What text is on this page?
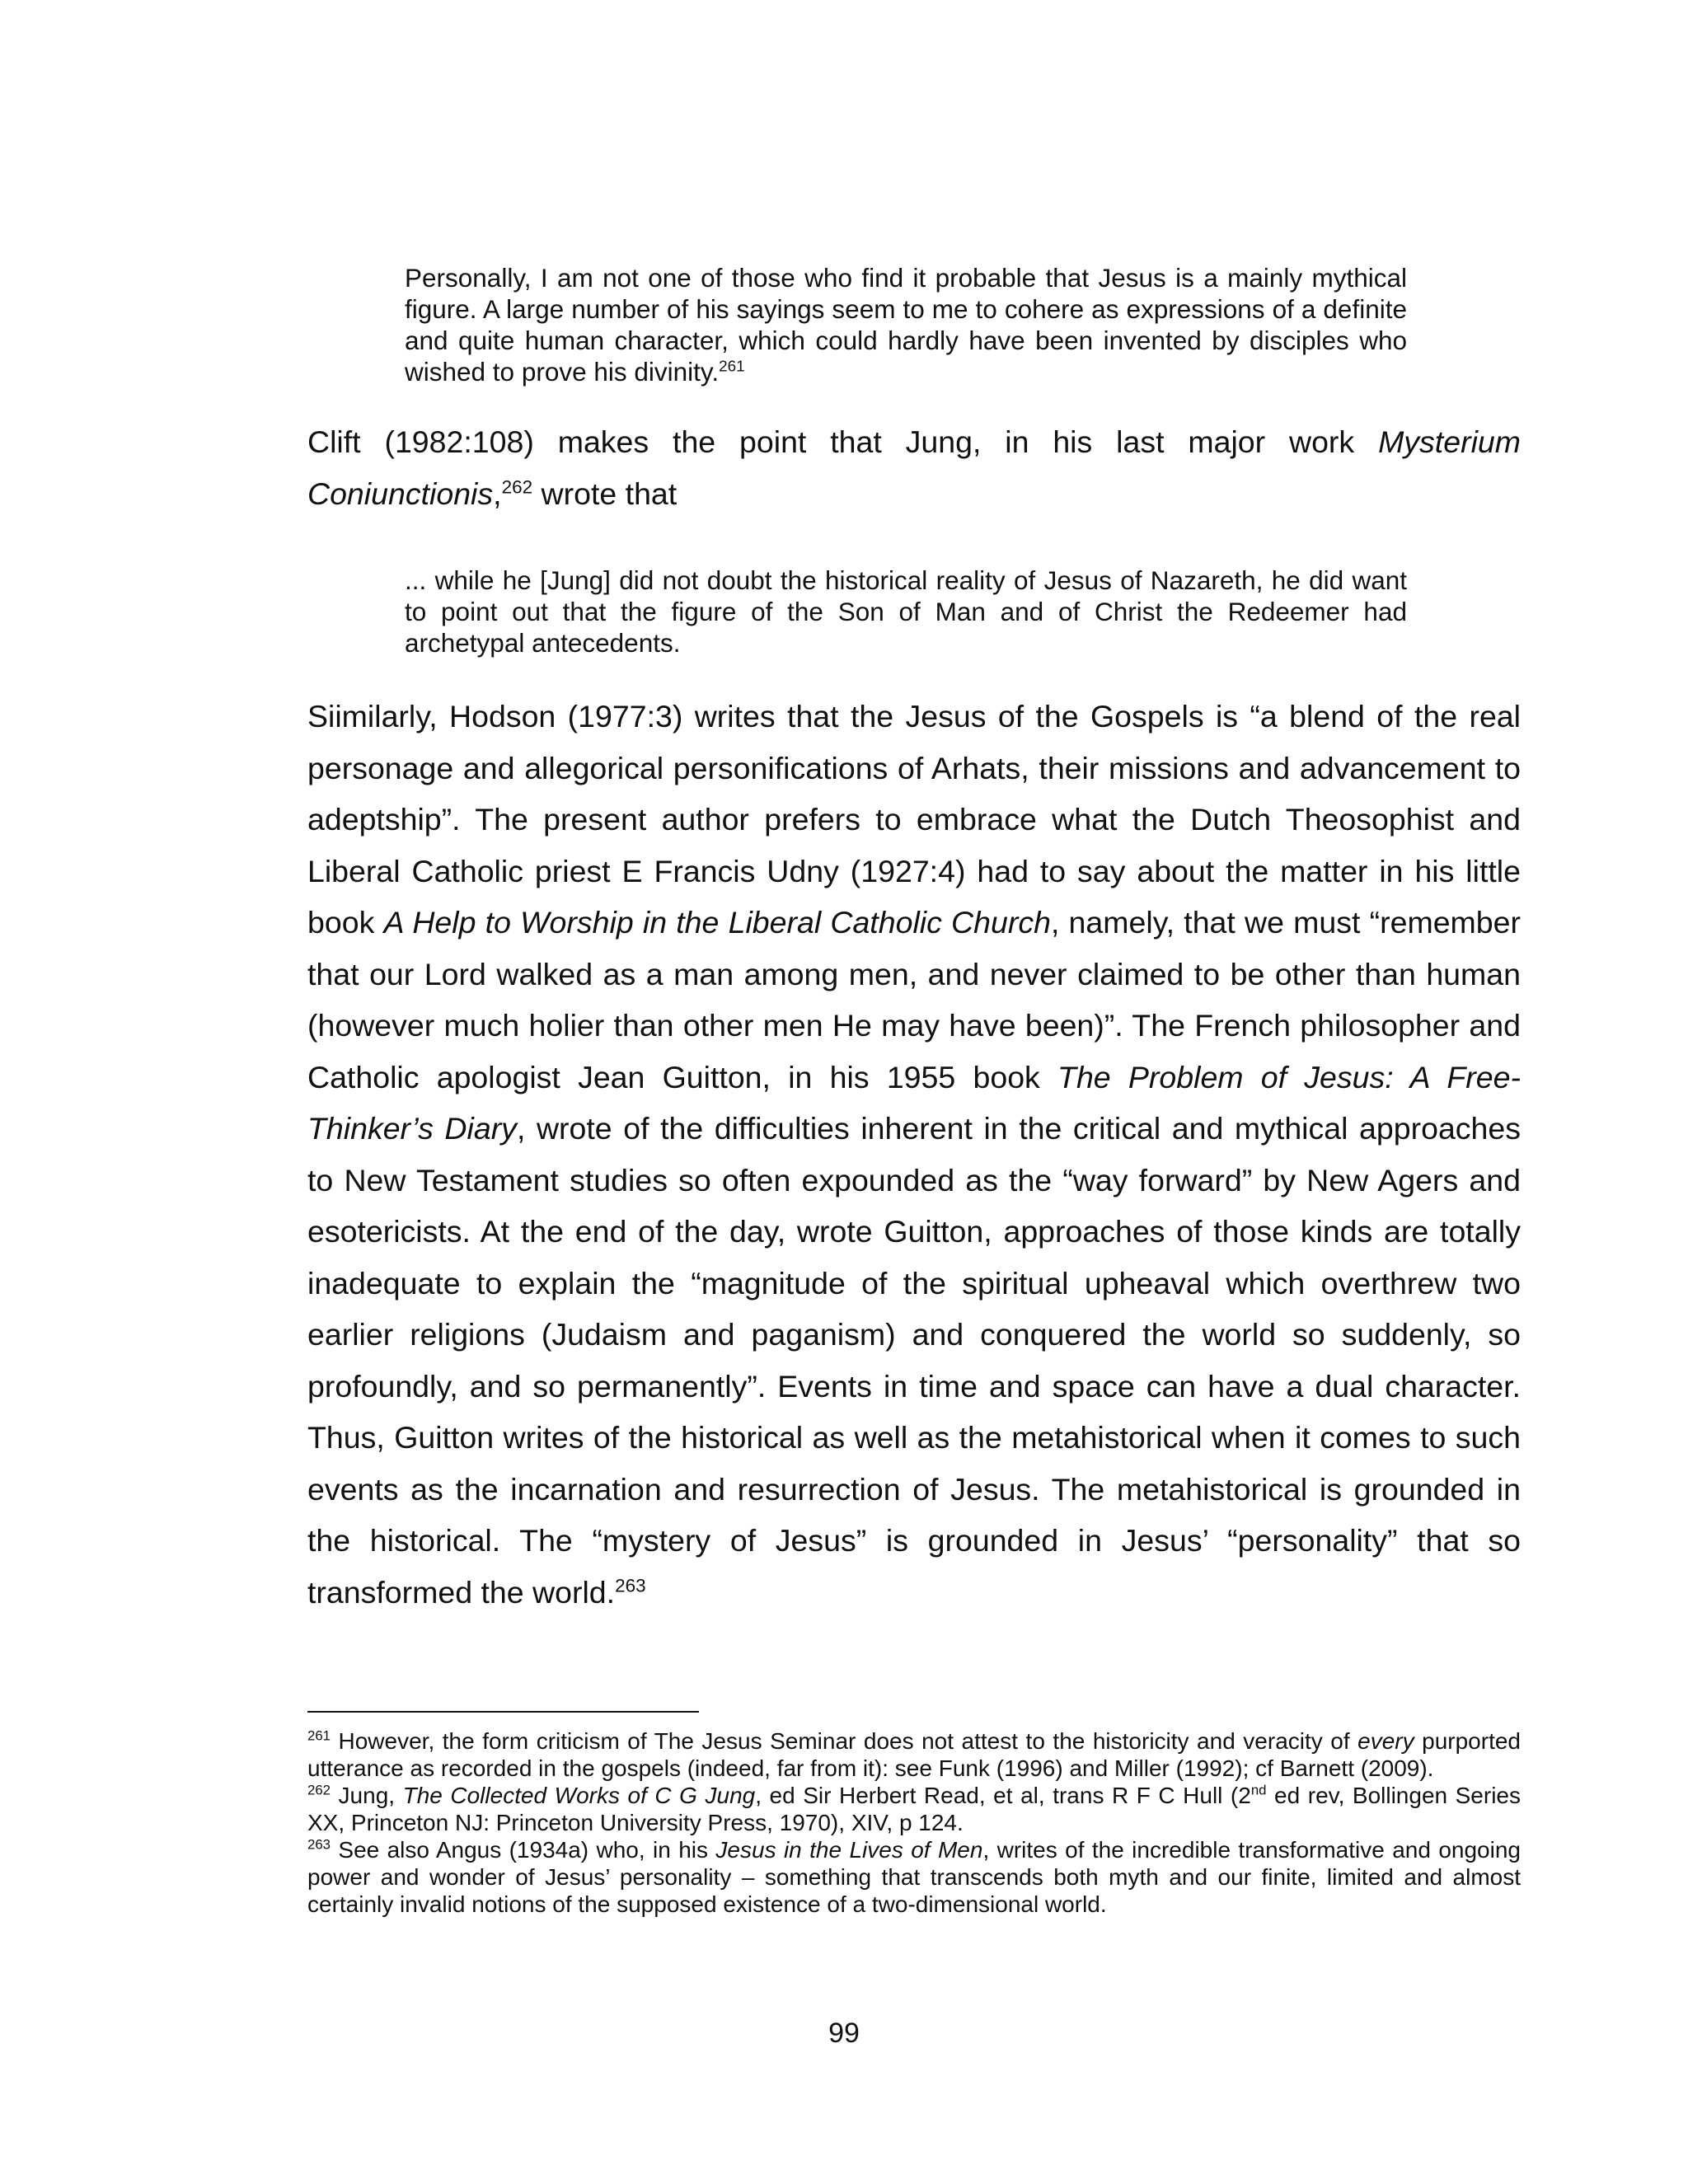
Personally, I am not one of those who find it probable that Jesus is a mainly mythical figure. A large number of his sayings seem to me to cohere as expressions of a definite and quite human character, which could hardly have been invented by disciples who wished to prove his divinity.$^{261}$

Clift (1982:108) makes the point that Jung, in his last major work Mysterium Coniunctionis,$^{262}$ wrote that

... while he [Jung] did not doubt the historical reality of Jesus of Nazareth, he did want to point out that the figure of the Son of Man and of Christ the Redeemer had archetypal antecedents.

Siimilarly, Hodson (1977:3) writes that the Jesus of the Gospels is “a blend of the real personage and allegorical personifications of Arhats, their missions and advancement to adeptship”. The present author prefers to embrace what the Dutch Theosophist and Liberal Catholic priest E Francis Udny (1927:4) had to say about the matter in his little book A Help to Worship in the Liberal Catholic Church, namely, that we must “remember that our Lord walked as a man among men, and never claimed to be other than human (however much holier than other men He may have been)”. The French philosopher and Catholic apologist Jean Guitton, in his 1955 book The Problem of Jesus: A Free-Thinker’s Diary, wrote of the difficulties inherent in the critical and mythical approaches to New Testament studies so often expounded as the “way forward” by New Agers and esotericists. At the end of the day, wrote Guitton, approaches of those kinds are totally inadequate to explain the “magnitude of the spiritual upheaval which overthrew two earlier religions (Judaism and paganism) and conquered the world so suddenly, so profoundly, and so permanently”. Events in time and space can have a dual character. Thus, Guitton writes of the historical as well as the metahistorical when it comes to such events as the incarnation and resurrection of Jesus. The metahistorical is grounded in the historical. The “mystery of Jesus” is grounded in Jesus’ “personality” that so transformed the world.$^{263}$

$^{261}$ However, the form criticism of The Jesus Seminar does not attest to the historicity and veracity of every purported utterance as recorded in the gospels (indeed, far from it): see Funk (1996) and Miller (1992); cf Barnett (2009).

$^{262}$ Jung, The Collected Works of C G Jung, ed Sir Herbert Read, et al, trans R F C Hull (2nd ed rev, Bollingen Series XX, Princeton NJ: Princeton University Press, 1970), XIV, p 124.

$^{263}$ See also Angus (1934a) who, in his Jesus in the Lives of Men, writes of the incredible transformative and ongoing power and wonder of Jesus’ personality – something that transcends both myth and our finite, limited and almost certainly invalid notions of the supposed existence of a two-dimensional world.

99
